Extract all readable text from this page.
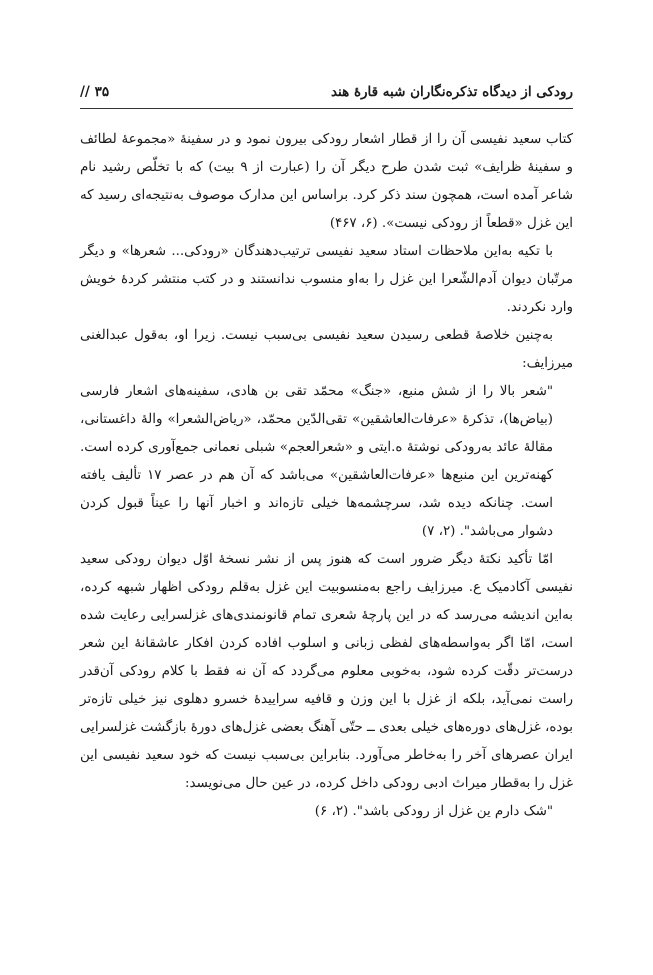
رودکی از دیدگاه تذکره‌نگاران شبه قارهٔ هند
۳۵ //

کتاب سعید نفیسی آن را از قطار اشعار رودکی بیرون نمود و در سفینهٔ «مجموعهٔ لطائف و سفینهٔ ظرایف» ثبت شدن طرح دیگر آن را (عبارت از ۹ بیت) که با تخلّص رشید نام شاعر آمده است، همچون سند ذکر کرد. براساس این مدارک موصوف به‌نتیجه‌ای رسید که این غزل «قطعاً از رودکی نیست». (۶، ۴۶۷)

با تکیه به‌این ملاحظات استاد سعید نفیسی ترتیب‌دهندگان «رودکی... شعرها» و دیگر مرتّبان دیوان آدم‌الشّعرا این غزل را به‌او منسوب ندانستند و در کتب منتشر کردهٔ خویش وارد نکردند.

به‌چنین خلاصهٔ قطعی رسیدن سعید نفیسی بی‌سبب نیست. زیرا او، به‌قول عبدالغنی میرزایف:

"شعر بالا را از شش منبع، «جنگ» محمّد تقی بن هادی، سفینه‌های اشعار فارسی (بیاض‌ها)، تذکرهٔ «عرفات‌العاشقین» تقی‌الدّین محمّد، «ریاض‌الشعرا» والهٔ داغستانی، مقالهٔ عائد به‌رودکی نوشتهٔ ه.ایتی و «شعرالعجم» شبلی نعمانی جمع‌آوری کرده است. کهنه‌ترین این منبع‌ها «عرفات‌العاشقین» می‌باشد که آن هم در عصر ۱۷ تألیف یافته است. چنانکه دیده شد، سرچشمه‌ها خیلی تازه‌اند و اخبار آنها را عیناً قبول کردن دشوار می‌باشد". (۲، ۷)

امّا تأکید نکتهٔ دیگر ضرور است که هنوز پس از نشر نسخهٔ اوّل دیوان رودکی سعید نفیسی آکادمیک ع. میرزایف راجع به‌منسوبیت این غزل به‌قلم رودکی اظهار شبهه کرده، به‌این اندیشه می‌رسد که در این پارچهٔ شعری تمام قانونمندی‌های غزلسرایی رعایت شده است، امّا اگر به‌واسطه‌های لفظی زبانی و اسلوب افاده کردن افکار عاشقانهٔ این شعر درست‌تر دقّت کرده شود، به‌خوبی معلوم می‌گردد که آن نه فقط با کلام رودکی آن‌قدر راست نمی‌آید، بلکه از غزل با این وزن و قافیه سراییدهٔ خسرو دهلوی نیز خیلی تازه‌تر بوده، غزل‌های دوره‌های خیلی بعدی ــ حتّی آهنگ بعضی غزل‌های دورهٔ بازگشت غزلسرایی ایران عصرهای آخر را به‌خاطر می‌آورد. بنابراین بی‌سبب نیست که خود سعید نفیسی این غزل را به‌قطار میراث ادبی رودکی داخل کرده، در عین حال می‌نویسد:

"شک دارم ین غزل از رودکی باشد". (۲، ۶)
